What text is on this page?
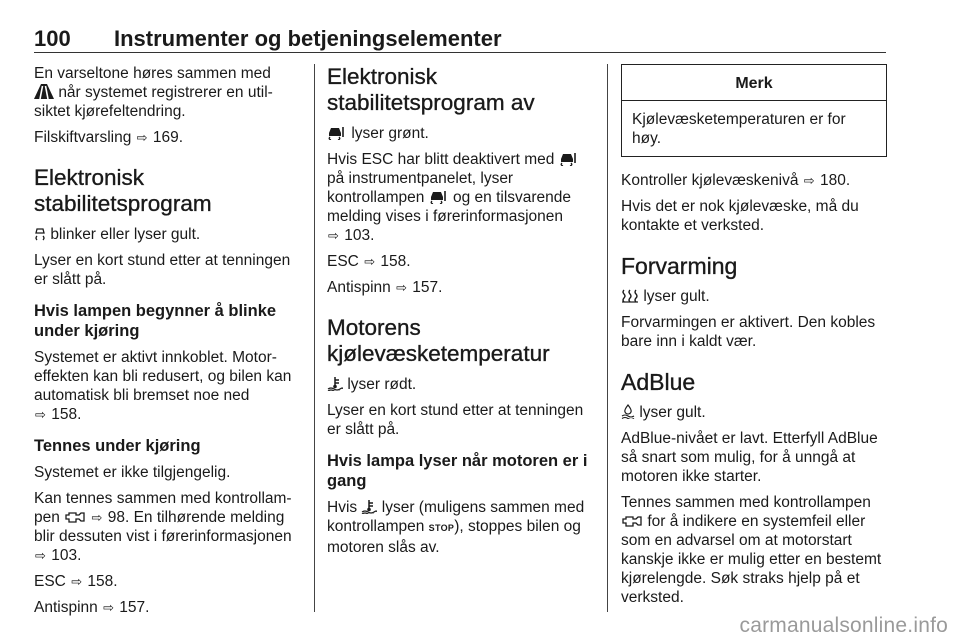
100 Instrumenter og betjeningselementer

En varseltone høres sammen med
når systemet registrerer en util-siktet kjørefeltendring.

Filskiftvarsling ⇨ 169.

Elektronisk stabilitetsprogram

blinker eller lyser gult.

Lyser en kort stund etter at tenningen er slått på.

Hvis lampen begynner å blinke under kjøring

Systemet er aktivt innkoblet. Motor-effekten kan bli redusert, og bilen kan automatisk bli bremset noe ned
⇨ 158.

Tennes under kjøring

Systemet er ikke tilgjengelig.

Kan tennes sammen med kontrollam-pen ⇨ 98. En tilhørende melding blir dessuten vist i førerinformasjonen
⇨ 103.

ESC ⇨ 158.

Antispinn ⇨ 157.

Elektronisk stabilitetsprogram av

lyser grønt.

Hvis ESC har blitt deaktivert med  på instrumentpanelet, lyser kontrollampen og en tilsvarende melding vises i førerinformasjonen
⇨ 103.

ESC ⇨ 158.

Antispinn ⇨ 157.

Motorens kjølevæsketemperatur

lyser rødt.

Lyser en kort stund etter at tenningen er slått på.

Hvis lampa lyser når motoren er i gang

Hvis lyser (muligens sammen med kontrollampen STOP), stoppes bilen og motoren slås av.

Merk
Kjølevæsketemperaturen er for høy.

Kontroller kjølevæskenivå ⇨ 180.

Hvis det er nok kjølevæske, må du kontakte et verksted.

Forvarming

lyser gult.

Forvarmingen er aktivert. Den kobles bare inn i kaldt vær.

AdBlue

lyser gult.

AdBlue-nivået er lavt. Etterfyll AdBlue så snart som mulig, for å unngå at motoren ikke starter.

Tennes sammen med kontrollampen
for å indikere en systemfeil eller som en advarsel om at motorstart kanskje ikke er mulig etter en bestemt kjørelengde. Søk straks hjelp på et verksted.

carmanualsonline.info
